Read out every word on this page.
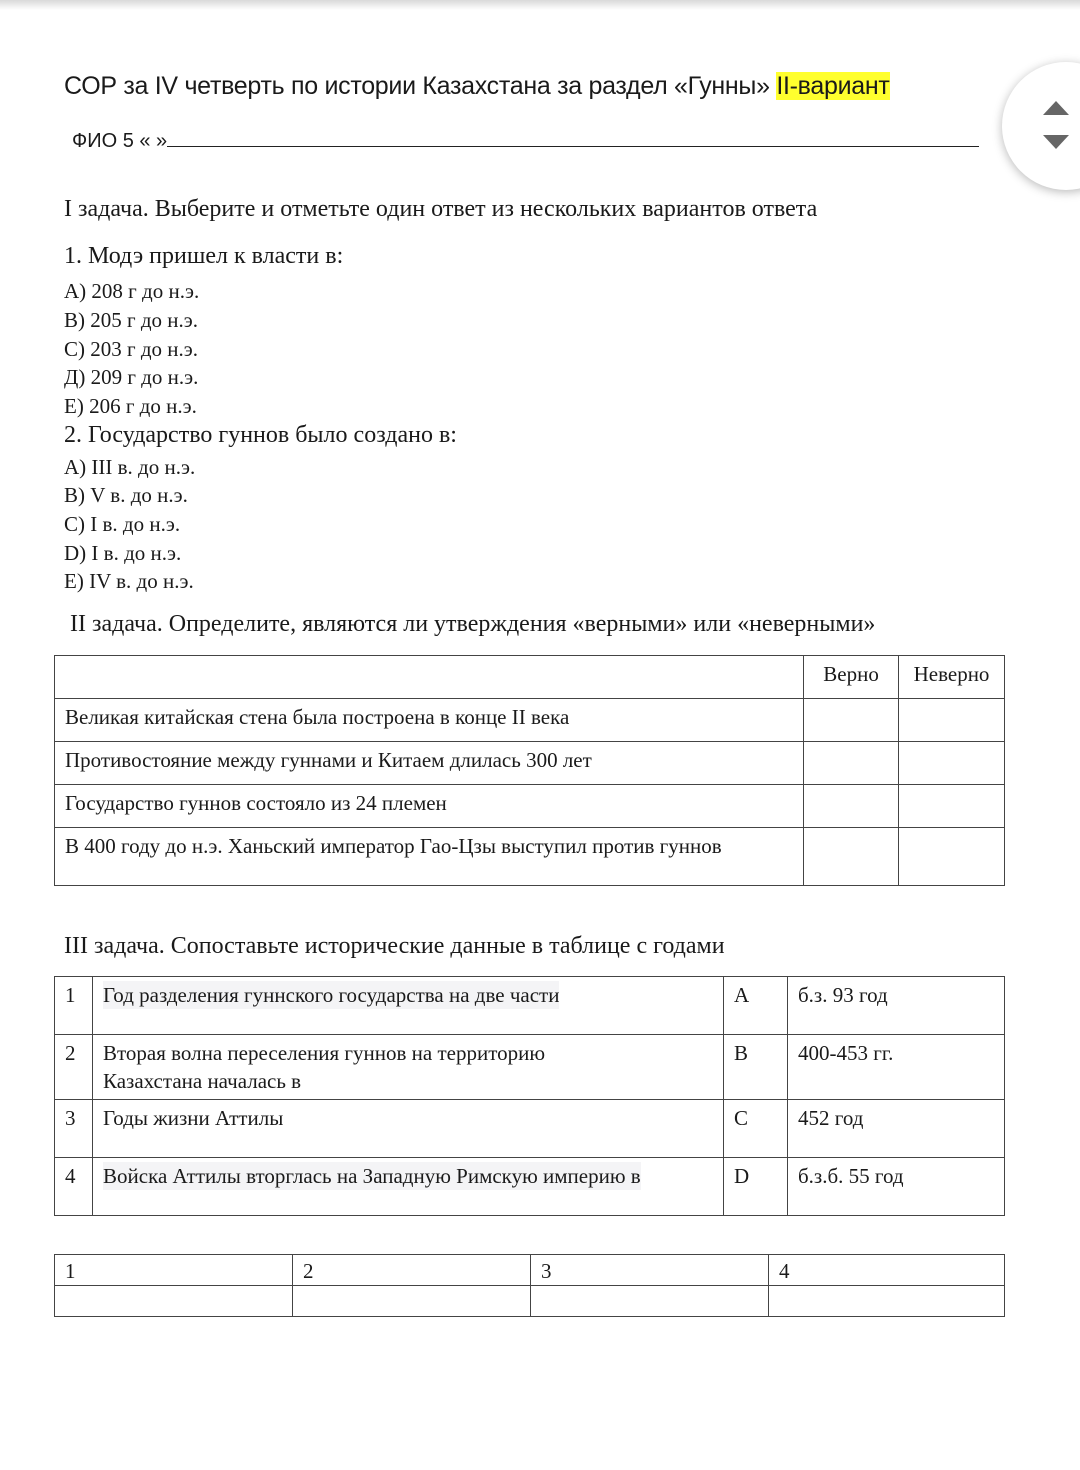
СОР за IV четверть по истории Казахстана за раздел «Гунны» II-вариант
ФИО 5 « »
I задача. Выберите и отметьте один ответ из нескольких вариантов ответа
1. Модэ пришел к власти в:
А) 208 г до н.э.
В) 205 г до н.э.
С) 203 г до н.э.
Д) 209 г до н.э.
Е) 206 г до н.э.
2. Государство гуннов было создано в:
А) III в. до н.э.
В) V в. до н.э.
С) I в. до н.э.
D) I в. до н.э.
Е) IV в. до н.э.
II задача. Определите, являются ли утверждения «верными» или «неверными»
	Верно	Неверно
Великая китайская стена была построена в конце II века		
Противостояние между гуннами и Китаем длилась 300 лет		
Государство гуннов состояло из 24 племен		
В 400 году до н.э. Ханьский император Гао-Цзы выступил против гуннов		
III задача. Сопоставьте исторические данные в таблице с годами
1	Год разделения гуннского государства на две части	A	б.з. 93 год
2	Вторая волна переселения гуннов на территорию Казахстана началась в	B	400-453 гг.
3	Годы жизни Аттилы	C	452 год
4	Войска Аттилы вторглась на Западную Римскую империю в	D	б.з.б. 55 год
1	2	3	4
